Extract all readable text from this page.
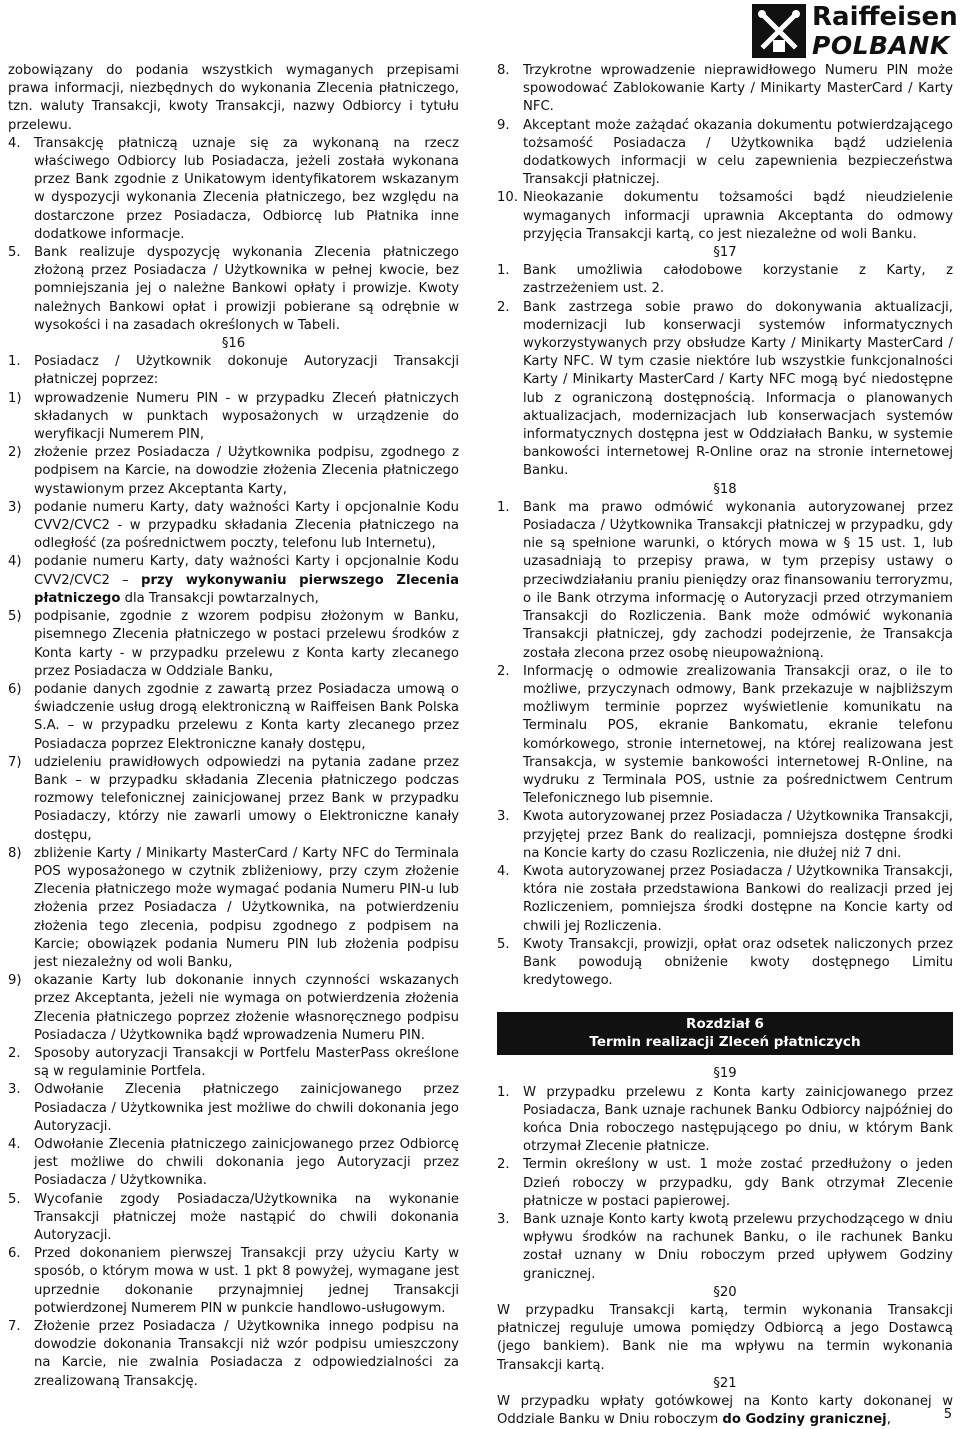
Raiffeisen
POLBANK

zobowiązany do podania wszystkich wymaganych przepisami prawa informacji, niezbędnych do wykonania Zlecenia płatniczego, tzn. waluty Transakcji, kwoty Transakcji, nazwy Odbiorcy i tytułu przelewu.

4.	Transakcję płatniczą uznaje się za wykonaną na rzecz właściwego Odbiorcy lub Posiadacza, jeżeli została wykonana przez Bank zgodnie z Unikatowym identyfikatorem wskazanym w dyspozycji wykonania Zlecenia płatniczego, bez względu na dostarczone przez Posiadacza, Odbiorcę lub Płatnika inne dodatkowe informacje.
5.	Bank realizuje dyspozycję wykonania Zlecenia płatniczego złożoną przez Posiadacza / Użytkownika w pełnej kwocie, bez pomniejszania jej o należne Bankowi opłaty i prowizje. Kwoty należnych Bankowi opłat i prowizji pobierane są odrębnie w wysokości i na zasadach określonych w Tabeli.

§16

1.	Posiadacz / Użytkownik dokonuje Autoryzacji Transakcji płatniczej poprzez:
1) wprowadzenie Numeru PIN - w przypadku Zleceń płatniczych składanych w punktach wyposażonych w urządzenie do weryfikacji Numerem PIN,
2) złożenie przez Posiadacza / Użytkownika podpisu, zgodnego z podpisem na Karcie, na dowodzie złożenia Zlecenia płatniczego wystawionym przez Akceptanta Karty,
3) podanie numeru Karty, daty ważności Karty i opcjonalnie Kodu CVV2/CVC2 - w przypadku składania Zlecenia płatniczego na odległość (za pośrednictwem poczty, telefonu lub Internetu),
4) podanie numeru Karty, daty ważności Karty i opcjonalnie Kodu CVV2/CVC2 – przy wykonywaniu pierwszego Zlecenia płatniczego dla Transakcji powtarzalnych,
5) podpisanie, zgodnie z wzorem podpisu złożonym w Banku, pisemnego Zlecenia płatniczego w postaci przelewu środków z Konta karty - w przypadku przelewu z Konta karty zlecanego przez Posiadacza w Oddziale Banku,
6) podanie danych zgodnie z zawartą przez Posiadacza umową o świadczenie usług drogą elektroniczną w Raiffeisen Bank Polska S.A. – w przypadku przelewu z Konta karty zlecanego przez Posiadacza poprzez Elektroniczne kanały dostępu,
7) udzieleniu prawidłowych odpowiedzi na pytania zadane przez Bank – w przypadku składania Zlecenia płatniczego podczas rozmowy telefonicznej zainicjowanej przez Bank w przypadku Posiadaczy, którzy nie zawarli umowy o Elektroniczne kanały dostępu,
8) zbliżenie Karty / Minikarty MasterCard / Karty NFC do Terminala POS wyposażonego w czytnik zbliżeniowy, przy czym złożenie Zlecenia płatniczego może wymagać podania Numeru PIN-u lub złożenia przez Posiadacza / Użytkownika, na potwierdzeniu złożenia tego zlecenia, podpisu zgodnego z podpisem na Karcie; obowiązek podania Numeru PIN lub złożenia podpisu jest niezależny od woli Banku,
9) okazanie Karty lub dokonanie innych czynności wskazanych przez Akceptanta, jeżeli nie wymaga on potwierdzenia złożenia Zlecenia płatniczego poprzez złożenie własnoręcznego podpisu Posiadacza / Użytkownika bądź wprowadzenia Numeru PIN.
2.	Sposoby autoryzacji Transakcji w Portfelu MasterPass określone są w regulaminie Portfela.
3.	Odwołanie Zlecenia płatniczego zainicjowanego przez Posiadacza / Użytkownika jest możliwe do chwili dokonania jego Autoryzacji.
4.	Odwołanie Zlecenia płatniczego zainicjowanego przez Odbiorcę jest możliwe do chwili dokonania jego Autoryzacji przez Posiadacza / Użytkownika.
5.	Wycofanie zgody Posiadacza/Użytkownika na wykonanie Transakcji płatniczej może nastąpić do chwili dokonania Autoryzacji.
6.	Przed dokonaniem pierwszej Transakcji przy użyciu Karty w sposób, o którym mowa w ust. 1 pkt 8 powyżej, wymagane jest uprzednie dokonanie przynajmniej jednej Transakcji potwierdzonej Numerem PIN w punkcie handlowo-usługowym.
7.	Złożenie przez Posiadacza / Użytkownika innego podpisu na dowodzie dokonania Transakcji niż wzór podpisu umieszczony na Karcie, nie zwalnia Posiadacza z odpowiedzialności za zrealizowaną Transakcję.
8.	Trzykrotne wprowadzenie nieprawidłowego Numeru PIN może spowodować Zablokowanie Karty / Minikarty MasterCard / Karty NFC.
9.	Akceptant może zażądać okazania dokumentu potwierdzającego tożsamość Posiadacza / Użytkownika bądź udzielenia dodatkowych informacji w celu zapewnienia bezpieczeństwa Transakcji płatniczej.
10. Nieokazanie dokumentu tożsamości bądź nieudzielenie wymaganych informacji uprawnia Akceptanta do odmowy przyjęcia Transakcji kartą, co jest niezależne od woli Banku.

§17

1.	Bank umożliwia całodobowe korzystanie z Karty, z zastrzeżeniem ust. 2.
2.	Bank zastrzega sobie prawo do dokonywania aktualizacji, modernizacji lub konserwacji systemów informatycznych wykorzystywanych przy obsłudze Karty / Minikarty MasterCard / Karty NFC. W tym czasie niektóre lub wszystkie funkcjonalności Karty / Minikarty MasterCard / Karty NFC mogą być niedostępne lub z ograniczoną dostępnością. Informacja o planowanych aktualizacjach, modernizacjach lub konserwacjach systemów informatycznych dostępna jest w Oddziałach Banku, w systemie bankowości internetowej R-Online oraz na stronie internetowej Banku.

§18

1.	Bank ma prawo odmówić wykonania autoryzowanej przez Posiadacza / Użytkownika Transakcji płatniczej w przypadku, gdy nie są spełnione warunki, o których mowa w § 15 ust. 1, lub uzasadniają to przepisy prawa, w tym przepisy ustawy o przeciwdziałaniu praniu pieniędzy oraz finansowaniu terroryzmu, o ile Bank otrzyma informację o Autoryzacji przed otrzymaniem Transakcji do Rozliczenia. Bank może odmówić wykonania Transakcji płatniczej, gdy zachodzi podejrzenie, że Transakcja została zlecona przez osobę nieupoważnioną.
2.	Informację o odmowie zrealizowania Transakcji oraz, o ile to możliwe, przyczynach odmowy, Bank przekazuje w najbliższym możliwym terminie poprzez wyświetlenie komunikatu na Terminalu POS, ekranie Bankomatu, ekranie telefonu komórkowego, stronie internetowej, na której realizowana jest Transakcja, w systemie bankowości internetowej R-Online, na wydruku z Terminala POS, ustnie za pośrednictwem Centrum Telefonicznego lub pisemnie.
3.	Kwota autoryzowanej przez Posiadacza / Użytkownika Transakcji, przyjętej przez Bank do realizacji, pomniejsza dostępne środki na Koncie karty do czasu Rozliczenia, nie dłużej niż 7 dni.
4.	Kwota autoryzowanej przez Posiadacza / Użytkownika Transakcji, która nie została przedstawiona Bankowi do realizacji przed jej Rozliczeniem, pomniejsza środki dostępne na Koncie karty od chwili jej Rozliczenia.
5.	Kwoty Transakcji, prowizji, opłat oraz odsetek naliczonych przez Bank powodują obniżenie kwoty dostępnego Limitu kredytowego.
Rozdział 6
Termin realizacji Zleceń płatniczych

§19

1.	W przypadku przelewu z Konta karty zainicjowanego przez Posiadacza, Bank uznaje rachunek Banku Odbiorcy najpóźniej do końca Dnia roboczego następującego po dniu, w którym Bank otrzymał Zlecenie płatnicze.
2.	Termin określony w ust. 1 może zostać przedłużony o jeden Dzień roboczy w przypadku, gdy Bank otrzymał Zlecenie płatnicze w postaci papierowej.
3.	Bank uznaje Konto karty kwotą przelewu przychodzącego w dniu wpływu środków na rachunek Banku, o ile rachunek Banku został uznany w Dniu roboczym przed upływem Godziny granicznej.

§20

W przypadku Transakcji kartą, termin wykonania Transakcji płatniczej reguluje umowa pomiędzy Odbiorcą a jego Dostawcą (jego bankiem). Bank nie ma wpływu na termin wykonania Transakcji kartą.

§21

W przypadku wpłaty gotówkowej na Konto karty dokonanej w Oddziale Banku w Dniu roboczym do Godziny granicznej,	5
